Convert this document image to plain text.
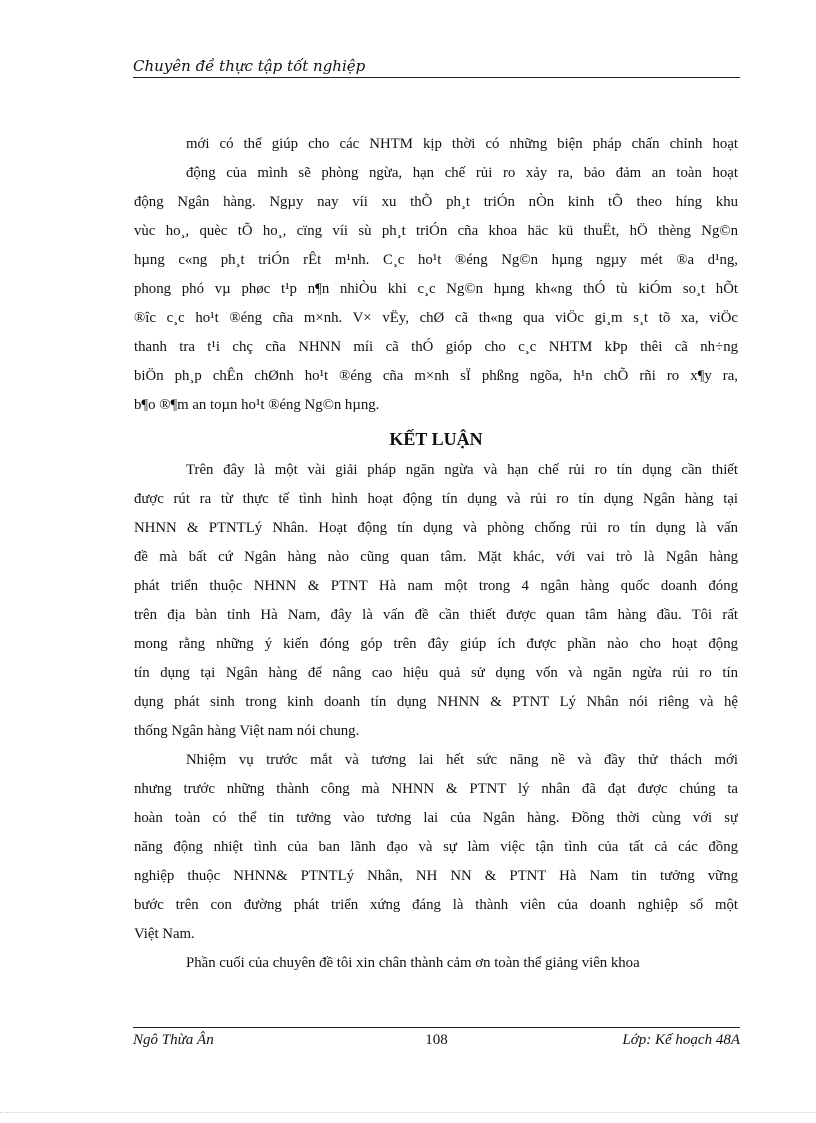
Chuyên đề thực tập tốt nghiệp
mới có thể giúp cho các NHTM kịp thời có những biện pháp chấn chỉnh hoạt
động của mình sẽ phòng ngừa, hạn chế rủi ro xảy ra, bảo đảm an toàn hoạt
động Ngân hàng. Ngµy nay víi xu thÕ ph¸t triÓn nÒn kinh tÕ theo híng khu
vùc ho¸, quèc tÕ ho¸, cïng víi sù ph¸t triÓn cña khoa häc kü thuËt, hÖ thèng Ng©n
hµng c«ng ph¸t triÓn rÊt m¹nh. C¸c ho¹t ®éng Ng©n hµng ngµy mét ®a d¹ng,
phong phó vµ phøc t¹p n¶n nhiÒu khi c¸c Ng©n hµng kh«ng thÓ tù kiÓm so¸t hÕt
®îc c¸c ho¹t ®éng cña m×nh. V× vËy, chØ cã th«ng qua viÖc gi¸m s¸t tõ xa, viÖc
thanh tra t¹i chç cña NHNN míi cã thÓ gióp cho c¸c NHTM kÞp thêi cã nh÷ng
biÖn ph¸p chÊn chØnh ho¹t ®éng cña m×nh sÏ phßng ngõa, h¹n chÕ rñi ro x¶y ra,
b¶o ®¶m an toµn ho¹t ®éng Ng©n hµng.
KẾT LUẬN
Trên đây là một vài giải pháp ngăn ngừa và hạn chế rủi ro tín dụng cần thiết
được rút ra từ thực tế tình hình hoạt động tín dụng và rủi ro tín dụng Ngân hàng tại
NHNN & PTNTLý Nhân. Hoạt động tín dụng và phòng chống rủi ro tín dụng là vấn
đề mà bất cứ Ngân hàng nào cũng quan tâm. Mặt khác, với vai trò là Ngân hàng
phát triển thuộc NHNN & PTNT Hà nam một trong 4 ngân hàng quốc doanh đóng
trên địa bàn tỉnh Hà Nam, đây là vấn đề cần thiết được quan tâm hàng đầu. Tôi rất
mong rằng những ý kiến đóng góp trên đây giúp ích được phần nào cho hoạt động
tín dụng tại Ngân hàng để nâng cao hiệu quả sử dụng vốn và ngăn ngừa rủi ro tín
dụng phát sinh trong kinh doanh tín dụng NHNN & PTNT Lý Nhân nói riêng và hệ
thống Ngân hàng Việt nam nói chung.
Nhiệm vụ trước mắt và tương lai hết sức năng nề và đầy thử thách mới
nhưng trước những thành công mà NHNN & PTNT lý nhân đã đạt được chúng ta
hoàn toàn có thể tin tưởng vào tương lai của Ngân hàng. Đồng thời cùng với sự
năng động nhiệt tình của ban lãnh đạo và sự làm việc tận tình của tất cả các đồng
nghiệp thuộc NHNN& PTNTLý Nhân, NH NN & PTNT Hà Nam tin tưởng vững
bước trên con đường phát triển xứng đáng là thành viên của doanh nghiệp số một
Việt Nam.
Phần cuối của chuyên đề tôi xin chân thành cảm ơn toàn thể giảng viên khoa
Ngô Thừa Ân	108	Lớp: Kế hoạch 48A
